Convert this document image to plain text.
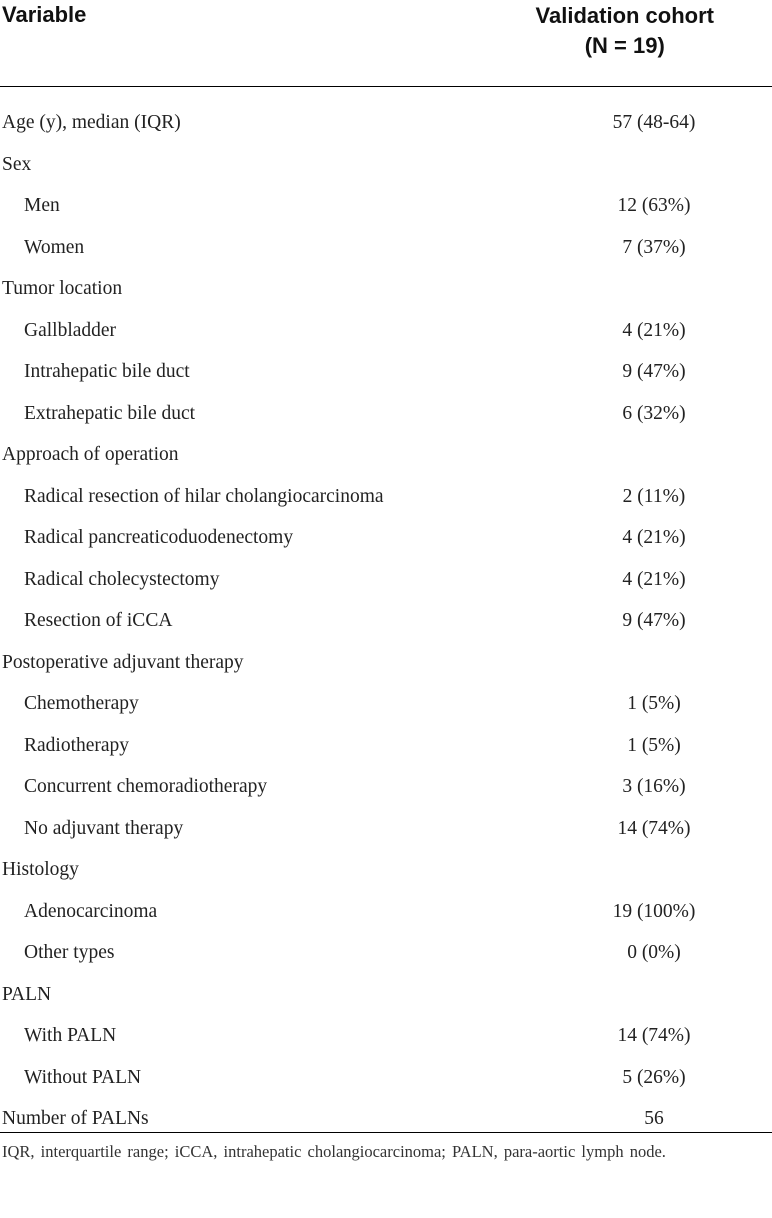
Variable	Validation cohort
(N = 19)
Age (y), median (IQR)	57 (48-64)
Sex
Men	12 (63%)
Women	7 (37%)
Tumor location
Gallbladder	4 (21%)
Intrahepatic bile duct	9 (47%)
Extrahepatic bile duct	6 (32%)
Approach of operation
Radical resection of hilar cholangiocarcinoma	2 (11%)
Radical pancreaticoduodenectomy	4 (21%)
Radical cholecystectomy	4 (21%)
Resection of iCCA	9 (47%)
Postoperative adjuvant therapy
Chemotherapy	1 (5%)
Radiotherapy	1 (5%)
Concurrent chemoradiotherapy	3 (16%)
No adjuvant therapy	14 (74%)
Histology
Adenocarcinoma	19 (100%)
Other types	0 (0%)
PALN
With PALN	14 (74%)
Without PALN	5 (26%)
Number of PALNs	56
IQR, interquartile range; iCCA, intrahepatic cholangiocarcinoma; PALN, para-aortic lymph node.
